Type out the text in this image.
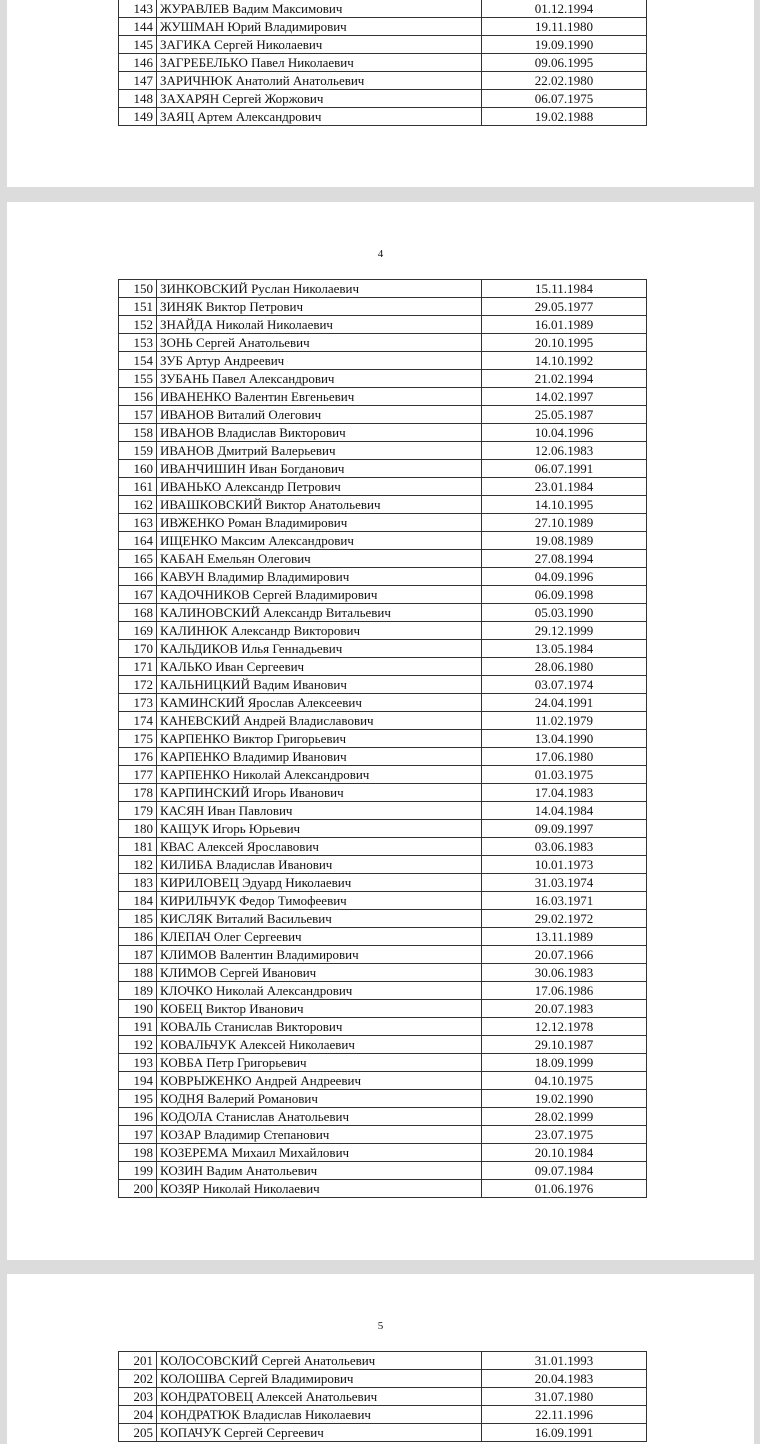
143	ЖУРАВЛЕВ Вадим Максимович	01.12.1994
144	ЖУШМАН Юрий Владимирович	19.11.1980
145	ЗАГИКА Сергей Николаевич	19.09.1990
146	ЗАГРЕБЕЛЬКО Павел Николаевич	09.06.1995
147	ЗАРИЧНЮК Анатолий Анатольевич	22.02.1980
148	ЗАХАРЯН Сергей Жоржович	06.07.1975
149	ЗАЯЦ Артем Александрович	19.02.1988
4
150	ЗИНКОВСКИЙ Руслан Николаевич	15.11.1984
151	ЗИНЯК Виктор Петрович	29.05.1977
152	ЗНАЙДА Николай Николаевич	16.01.1989
153	ЗОНЬ Сергей Анатольевич	20.10.1995
154	ЗУБ Артур Андреевич	14.10.1992
155	ЗУБАНЬ Павел Александрович	21.02.1994
156	ИВАНЕНКО Валентин Евгеньевич	14.02.1997
157	ИВАНОВ Виталий Олегович	25.05.1987
158	ИВАНОВ Владислав Викторович	10.04.1996
159	ИВАНОВ Дмитрий Валерьевич	12.06.1983
160	ИВАНЧИШИН Иван Богданович	06.07.1991
161	ИВАНЬКО Александр Петрович	23.01.1984
162	ИВАШКОВСКИЙ Виктор Анатольевич	14.10.1995
163	ИВЖЕНКО Роман Владимирович	27.10.1989
164	ИЩЕНКО Максим Александрович	19.08.1989
165	КАБАН Емельян Олегович	27.08.1994
166	КАВУН Владимир Владимирович	04.09.1996
167	КАДОЧНИКОВ Сергей Владимирович	06.09.1998
168	КАЛИНОВСКИЙ Александр Витальевич	05.03.1990
169	КАЛИНЮК Александр Викторович	29.12.1999
170	КАЛЬДИКОВ Илья Геннадьевич	13.05.1984
171	КАЛЬКО Иван Сергеевич	28.06.1980
172	КАЛЬНИЦКИЙ Вадим Иванович	03.07.1974
173	КАМИНСКИЙ Ярослав Алексеевич	24.04.1991
174	КАНЕВСКИЙ Андрей Владиславович	11.02.1979
175	КАРПЕНКО Виктор Григорьевич	13.04.1990
176	КАРПЕНКО Владимир Иванович	17.06.1980
177	КАРПЕНКО Николай Александрович	01.03.1975
178	КАРПИНСКИЙ Игорь Иванович	17.04.1983
179	КАСЯН Иван Павлович	14.04.1984
180	КАЩУК Игорь Юрьевич	09.09.1997
181	КВАС Алексей Ярославович	03.06.1983
182	КИЛИБА Владислав Иванович	10.01.1973
183	КИРИЛОВЕЦ Эдуард Николаевич	31.03.1974
184	КИРИЛЬЧУК Федор Тимофеевич	16.03.1971
185	КИСЛЯК Виталий Васильевич	29.02.1972
186	КЛЕПАЧ Олег Сергеевич	13.11.1989
187	КЛИМОВ Валентин Владимирович	20.07.1966
188	КЛИМОВ Сергей Иванович	30.06.1983
189	КЛОЧКО Николай Александрович	17.06.1986
190	КОБЕЦ Виктор Иванович	20.07.1983
191	КОВАЛЬ Станислав Викторович	12.12.1978
192	КОВАЛЬЧУК Алексей Николаевич	29.10.1987
193	КОВБА Петр Григорьевич	18.09.1999
194	КОВРЫЖЕНКО Андрей Андреевич	04.10.1975
195	КОДНЯ Валерий Романович	19.02.1990
196	КОДОЛА Станислав Анатольевич	28.02.1999
197	КОЗАР Владимир Степанович	23.07.1975
198	КОЗЕРЕМА Михаил Михайлович	20.10.1984
199	КОЗИН Вадим Анатольевич	09.07.1984
200	КОЗЯР Николай Николаевич	01.06.1976
5
201	КОЛОСОВСКИЙ Сергей Анатольевич	31.01.1993
202	КОЛОШВА Сергей Владимирович	20.04.1983
203	КОНДРАТОВЕЦ Алексей Анатольевич	31.07.1980
204	КОНДРАТЮК Владислав Николаевич	22.11.1996
205	КОПАЧУК Сергей Сергеевич	16.09.1991
